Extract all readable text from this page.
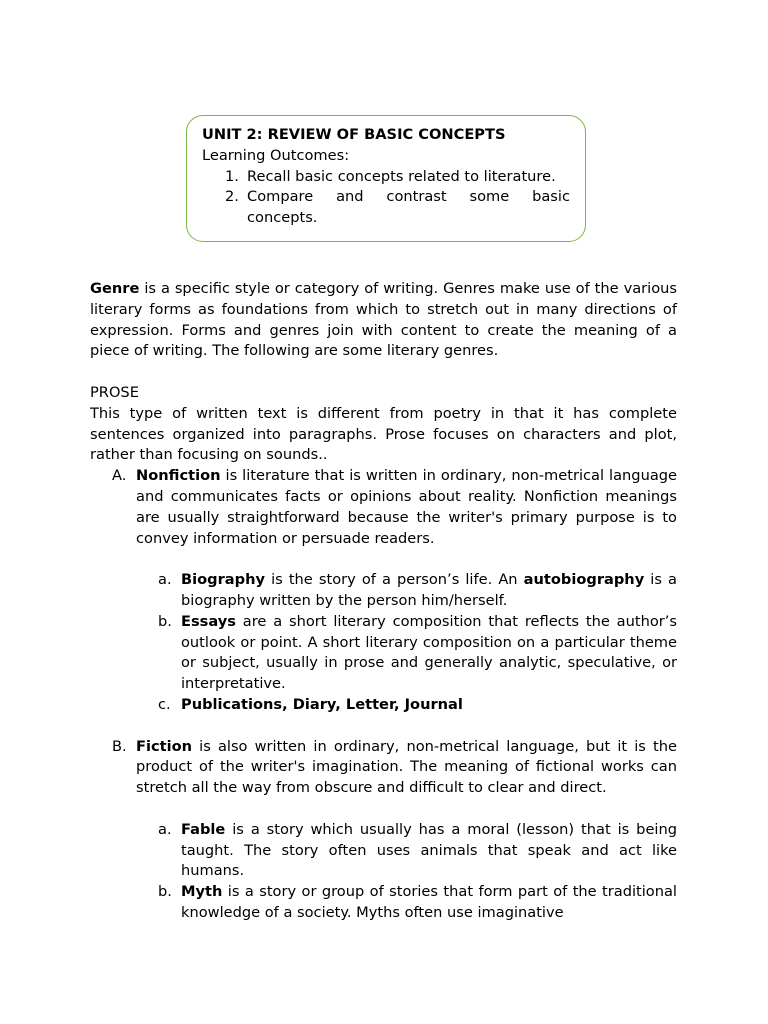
UNIT 2: REVIEW OF BASIC CONCEPTS
Learning Outcomes:
1. Recall basic concepts related to literature.
2. Compare and contrast some basic concepts.

Genre is a specific style or category of writing. Genres make use of the various literary forms as foundations from which to stretch out in many directions of expression. Forms and genres join with content to create the meaning of a piece of writing. The following are some literary genres.

PROSE

This type of written text is different from poetry in that it has complete sentences organized into paragraphs. Prose focuses on characters and plot, rather than focusing on sounds..

A. Nonfiction is literature that is written in ordinary, non-metrical language and communicates facts or opinions about reality. Nonfiction meanings are usually straightforward because the writer's primary purpose is to convey information or persuade readers.

a. Biography is the story of a person’s life. An autobiography is a biography written by the person him/herself.

b. Essays are a short literary composition that reflects the author’s outlook or point. A short literary composition on a particular theme or subject, usually in prose and generally analytic, speculative, or interpretative.

c. Publications, Diary, Letter, Journal

B. Fiction is also written in ordinary, non-metrical language, but it is the product of the writer's imagination. The meaning of fictional works can stretch all the way from obscure and difficult to clear and direct.

a. Fable is a story which usually has a moral (lesson) that is being taught. The story often uses animals that speak and act like humans.

b. Myth is a story or group of stories that form part of the traditional knowledge of a society. Myths often use imaginative
